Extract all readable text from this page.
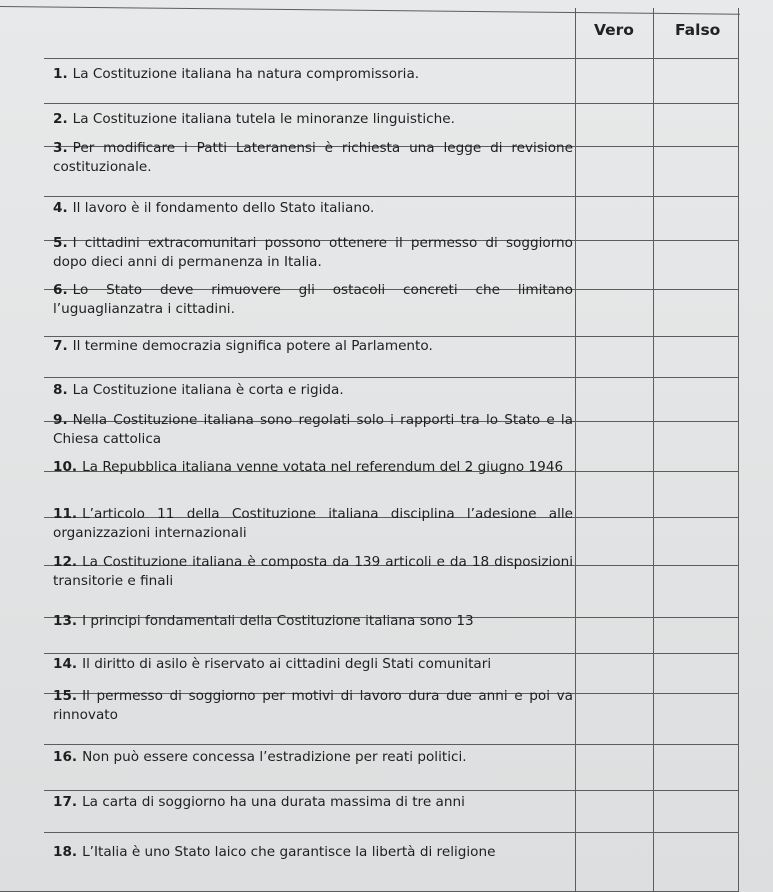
Vero	Falso
1. La Costituzione italiana ha natura compromissoria.
2. La Costituzione italiana tutela le minoranze linguistiche.
3. Per modificare i Patti Lateranensi è richiesta una legge di revisione costituzionale.
4. Il lavoro è il fondamento dello Stato italiano.
5. I cittadini extracomunitari possono ottenere il permesso di soggiorno dopo dieci anni di permanenza in Italia.
6. Lo Stato deve rimuovere gli ostacoli concreti che limitano l’uguaglianzatra i cittadini.
7. Il termine democrazia significa potere al Parlamento.
8. La Costituzione italiana è corta e rigida.
9. Nella Costituzione italiana sono regolati solo i rapporti tra lo Stato e la Chiesa cattolica
10. La Repubblica italiana venne votata nel referendum del 2 giugno 1946
11. L’articolo 11 della Costituzione italiana disciplina l’adesione alle organizzazioni internazionali
12. La Costituzione italiana è composta da 139 articoli e da 18 disposizioni transitorie e finali
13. I principi fondamentali della Costituzione italiana sono 13
14. Il diritto di asilo è riservato ai cittadini degli Stati comunitari
15. Il permesso di soggiorno per motivi di lavoro dura due anni e poi va rinnovato
16. Non può essere concessa l’estradizione per reati politici.
17. La carta di soggiorno ha una durata massima di tre anni
18. L’Italia è uno Stato laico che garantisce la libertà di religione
